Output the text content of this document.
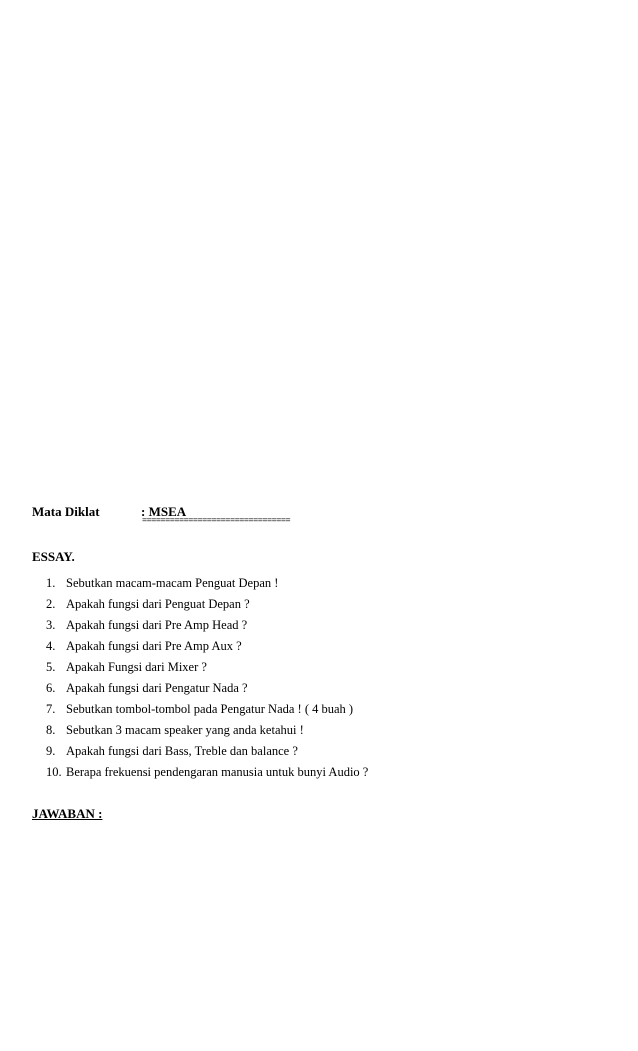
Mata Diklat	: MSEA
================================
ESSAY.
1. Sebutkan macam-macam Penguat Depan !
2. Apakah fungsi dari Penguat Depan ?
3. Apakah fungsi dari Pre Amp Head ?
4. Apakah fungsi dari Pre Amp Aux ?
5. Apakah Fungsi dari Mixer ?
6. Apakah fungsi dari Pengatur Nada ?
7. Sebutkan tombol-tombol pada Pengatur Nada ! ( 4 buah )
8. Sebutkan 3 macam speaker yang anda ketahui !
9. Apakah fungsi dari Bass, Treble dan balance ?
10. Berapa frekuensi pendengaran manusia untuk bunyi Audio ?
JAWABAN :
